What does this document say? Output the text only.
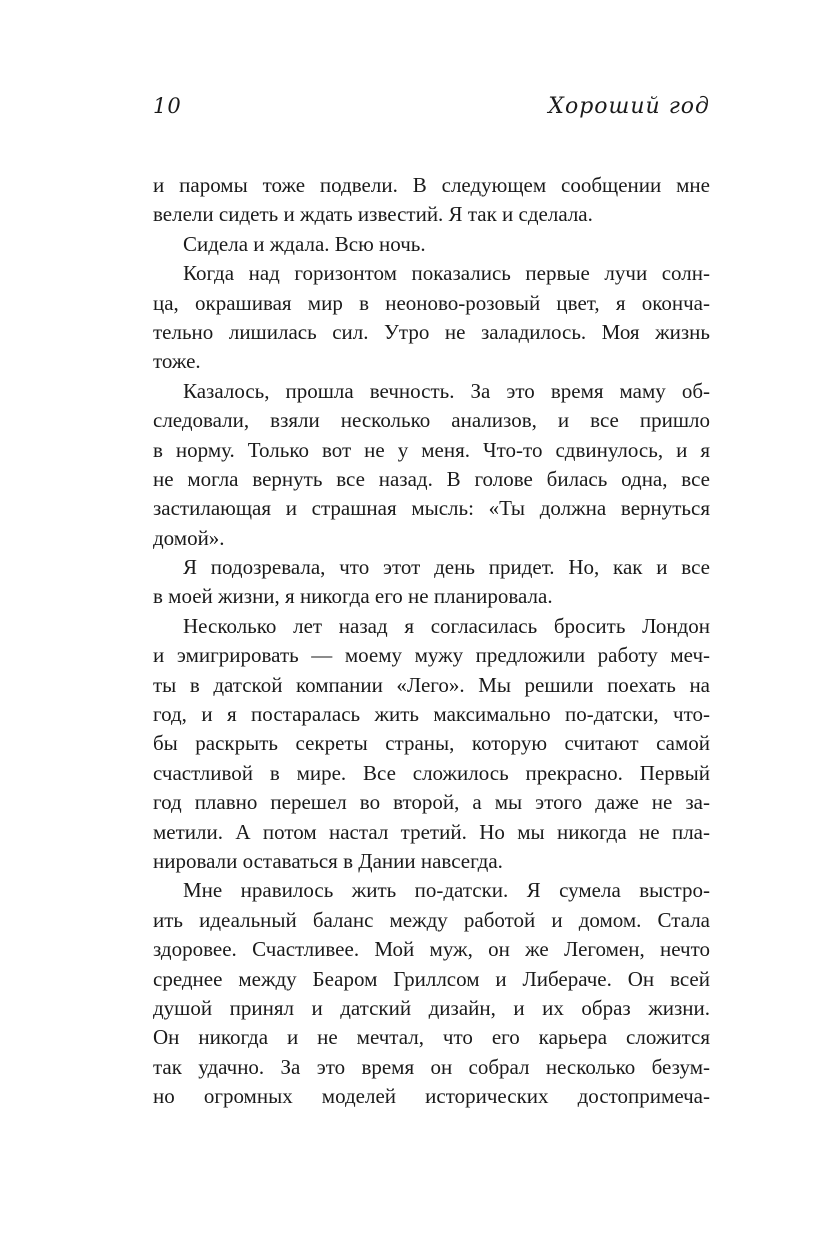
10	Хороший год
и паромы тоже подвели. В следующем сообщении мне
велели сидеть и ждать известий. Я так и сделала.
Сидела и ждала. Всю ночь.
Когда над горизонтом показались первые лучи солн-
ца, окрашивая мир в неоново-розовый цвет, я оконча-
тельно лишилась сил. Утро не заладилось. Моя жизнь
тоже.
Казалось, прошла вечность. За это время маму об-
следовали, взяли несколько анализов, и все пришло
в норму. Только вот не у меня. Что-то сдвинулось, и я
не могла вернуть все назад. В голове билась одна, все
застилающая и страшная мысль: «Ты должна вернуться
домой».
Я подозревала, что этот день придет. Но, как и все
в моей жизни, я никогда его не планировала.
Несколько лет назад я согласилась бросить Лондон
и эмигрировать — моему мужу предложили работу меч-
ты в датской компании «Лего». Мы решили поехать на
год, и я постаралась жить максимально по-датски, что-
бы раскрыть секреты страны, которую считают самой
счастливой в мире. Все сложилось прекрасно. Первый
год плавно перешел во второй, а мы этого даже не за-
метили. А потом настал третий. Но мы никогда не пла-
нировали оставаться в Дании навсегда.
Мне нравилось жить по-датски. Я сумела выстро-
ить идеальный баланс между работой и домом. Стала
здоровее. Счастливее. Мой муж, он же Легомен, нечто
среднее между Беаром Гриллсом и Либераче. Он всей
душой принял и датский дизайн, и их образ жизни.
Он никогда и не мечтал, что его карьера сложится
так удачно. За это время он собрал несколько безум-
но огромных моделей исторических достопримеча-
